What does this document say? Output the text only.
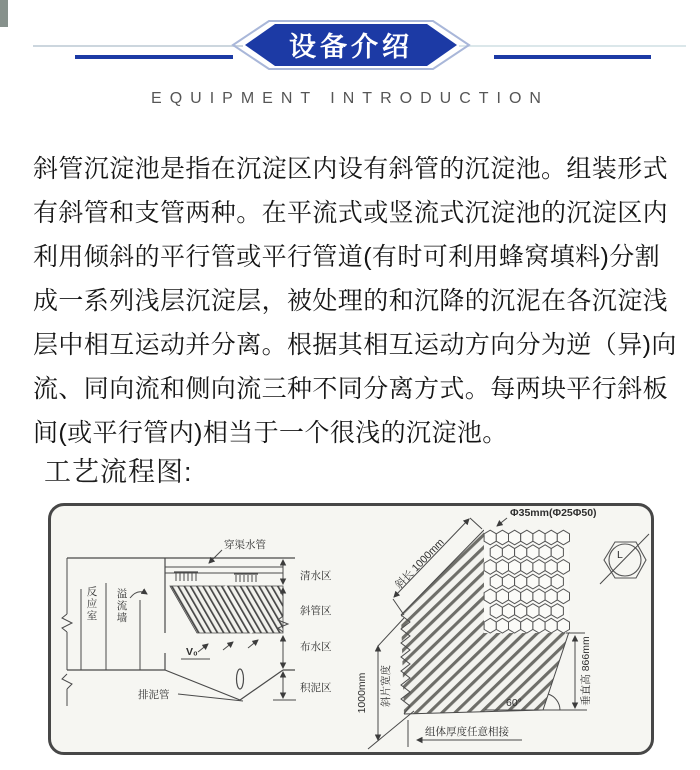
设备介绍
EQUIPMENT INTRODUCTION
斜管沉淀池是指在沉淀区内设有斜管的沉淀池。组装形式
有斜管和支管两种。在平流式或竖流式沉淀池的沉淀区内
利用倾斜的平行管或平行管道(有时可利用蜂窝填料)分割
成一系列浅层沉淀层，被处理的和沉降的沉泥在各沉淀浅
层中相互运动并分离。根据其相互运动方向分为逆（异)向
流、同向流和侧向流三种不同分离方式。每两块平行斜板
间(或平行管内)相当于一个很浅的沉淀池。
工艺流程图:
反应室
溢流墙
穿渠水管
V₀
排泥管
清水区
斜管区
布水区
积泥区
60°	垂直高 866mm
斜长 1000mm
1000mm 斜片宽度
组体厚度任意相接
Φ35mm(Φ25Φ50)
L
